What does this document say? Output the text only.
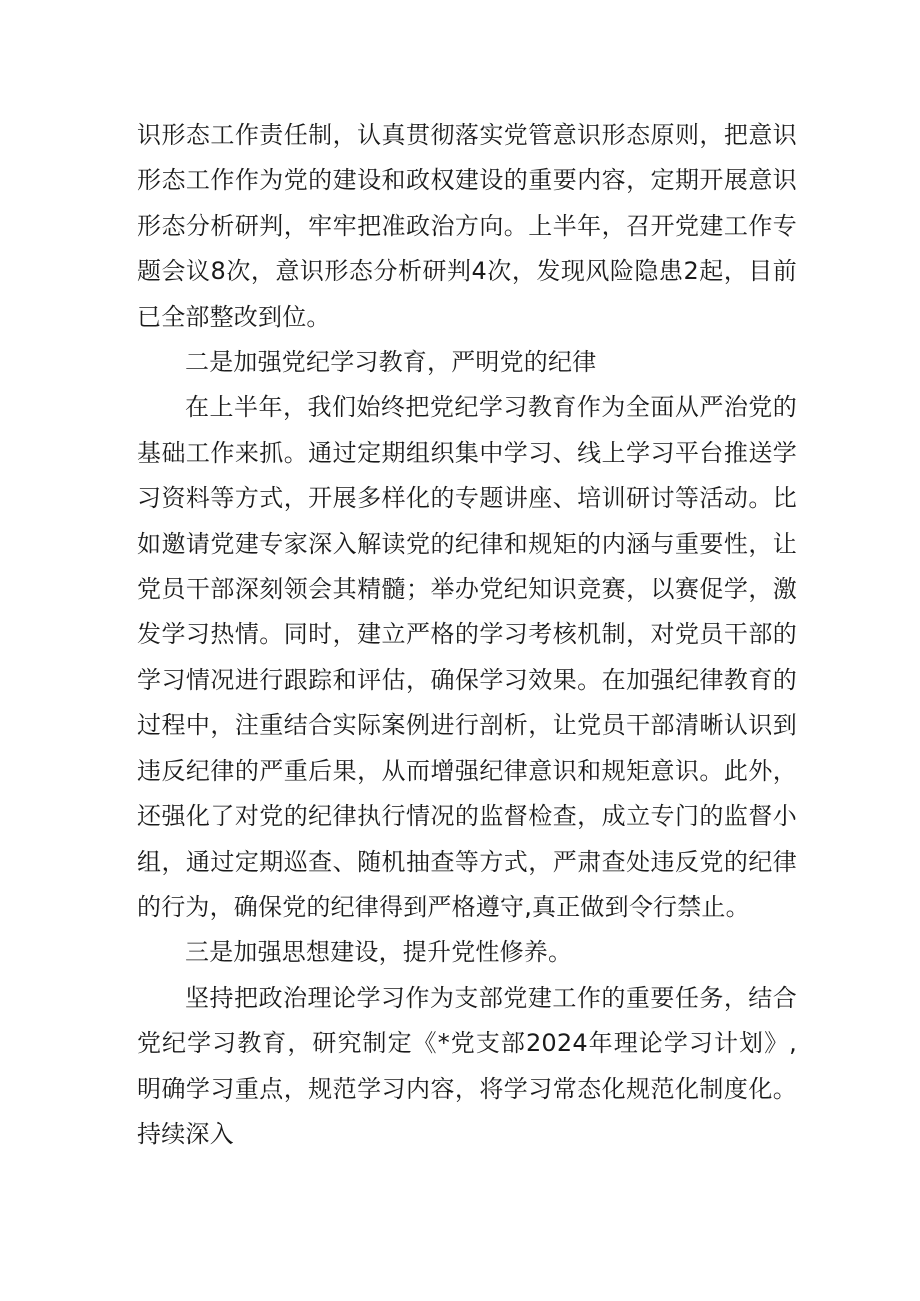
识形态工作责任制，认真贯彻落实党管意识形态原则，把意识形态工作作为党的建设和政权建设的重要内容，定期开展意识形态分析研判，牢牢把准政治方向。上半年，召开党建工作专题会议8次，意识形态分析研判4次，发现风险隐患2起，目前已全部整改到位。

二是加强党纪学习教育，严明党的纪律

在上半年，我们始终把党纪学习教育作为全面从严治党的基础工作来抓。通过定期组织集中学习、线上学习平台推送学习资料等方式，开展多样化的专题讲座、培训研讨等活动。比如邀请党建专家深入解读党的纪律和规矩的内涵与重要性，让党员干部深刻领会其精髓；举办党纪知识竞赛，以赛促学，激发学习热情。同时，建立严格的学习考核机制，对党员干部的学习情况进行跟踪和评估，确保学习效果。在加强纪律教育的过程中，注重结合实际案例进行剖析，让党员干部清晰认识到违反纪律的严重后果，从而增强纪律意识和规矩意识。此外，还强化了对党的纪律执行情况的监督检查，成立专门的监督小组，通过定期巡查、随机抽查等方式，严肃查处违反党的纪律的行为，确保党的纪律得到严格遵守,真正做到令行禁止。

三是加强思想建设，提升党性修养。

坚持把政治理论学习作为支部党建工作的重要任务，结合党纪学习教育，研究制定《*党支部2024年理论学习计划》,明确学习重点，规范学习内容，将学习常态化规范化制度化。持续深入
